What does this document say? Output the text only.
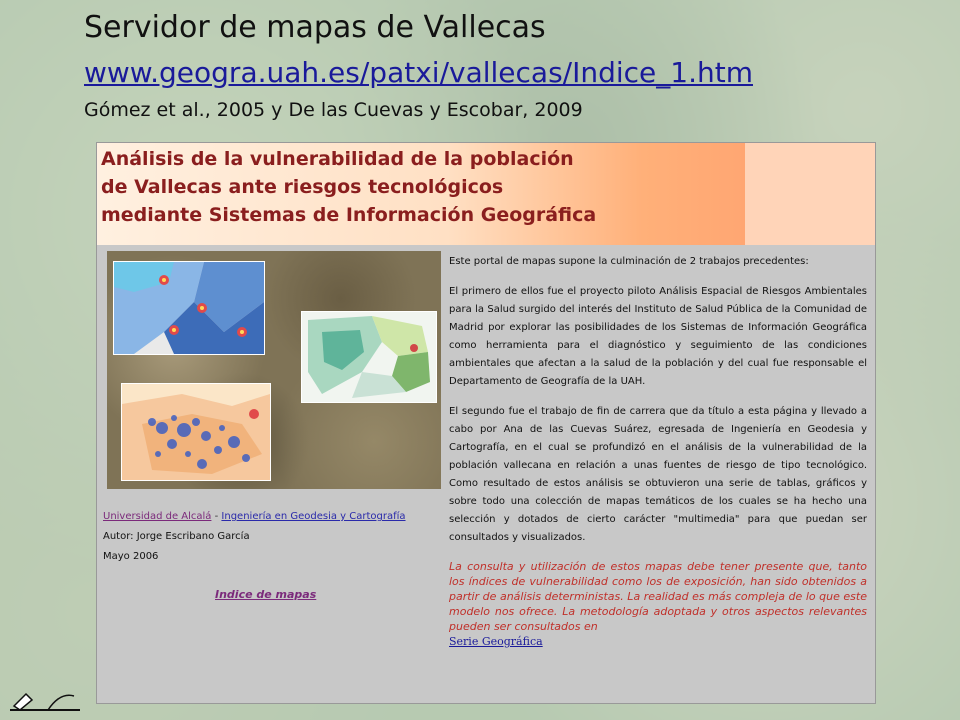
Servidor de mapas de Vallecas
www.geogra.uah.es/patxi/vallecas/Indice_1.htm
Gómez et al., 2005 y De las Cuevas y Escobar, 2009
Análisis de la vulnerabilidad de la población
de Vallecas ante riesgos tecnológicos
mediante Sistemas de Información Geográfica
Universidad de Alcalá - Ingeniería en Geodesia y Cartografía
Autor: Jorge Escribano García
Mayo 2006
Indice de mapas

Este portal de mapas supone la culminación de 2 trabajos precedentes:

El primero de ellos fue el proyecto piloto Análisis Espacial de Riesgos Ambientales para la Salud surgido del interés del Instituto de Salud Pública de la Comunidad de Madrid por explorar las posibilidades de los Sistemas de Información Geográfica como herramienta para el diagnóstico y seguimiento de las condiciones ambientales que afectan a la salud de la población y del cual fue responsable el Departamento de Geografía de la UAH.

El segundo fue el trabajo de fin de carrera que da título a esta página y llevado a cabo por Ana de las Cuevas Suárez, egresada de Ingeniería en Geodesia y Cartografía, en el cual se profundizó en el análisis de la vulnerabilidad de la población vallecana en relación a unas fuentes de riesgo de tipo tecnológico. Como resultado de estos análisis se obtuvieron una serie de tablas, gráficos y sobre todo una colección de mapas temáticos de los cuales se ha hecho una selección y dotados de cierto carácter "multimedia" para que puedan ser consultados y visualizados.

La consulta y utilización de estos mapas debe tener presente que, tanto los índices de vulnerabilidad como los de exposición, han sido obtenidos a partir de análisis deterministas. La realidad es más compleja de lo que este modelo nos ofrece. La metodología adoptada y otros aspectos relevantes pueden ser consultados en
Serie Geográfica
